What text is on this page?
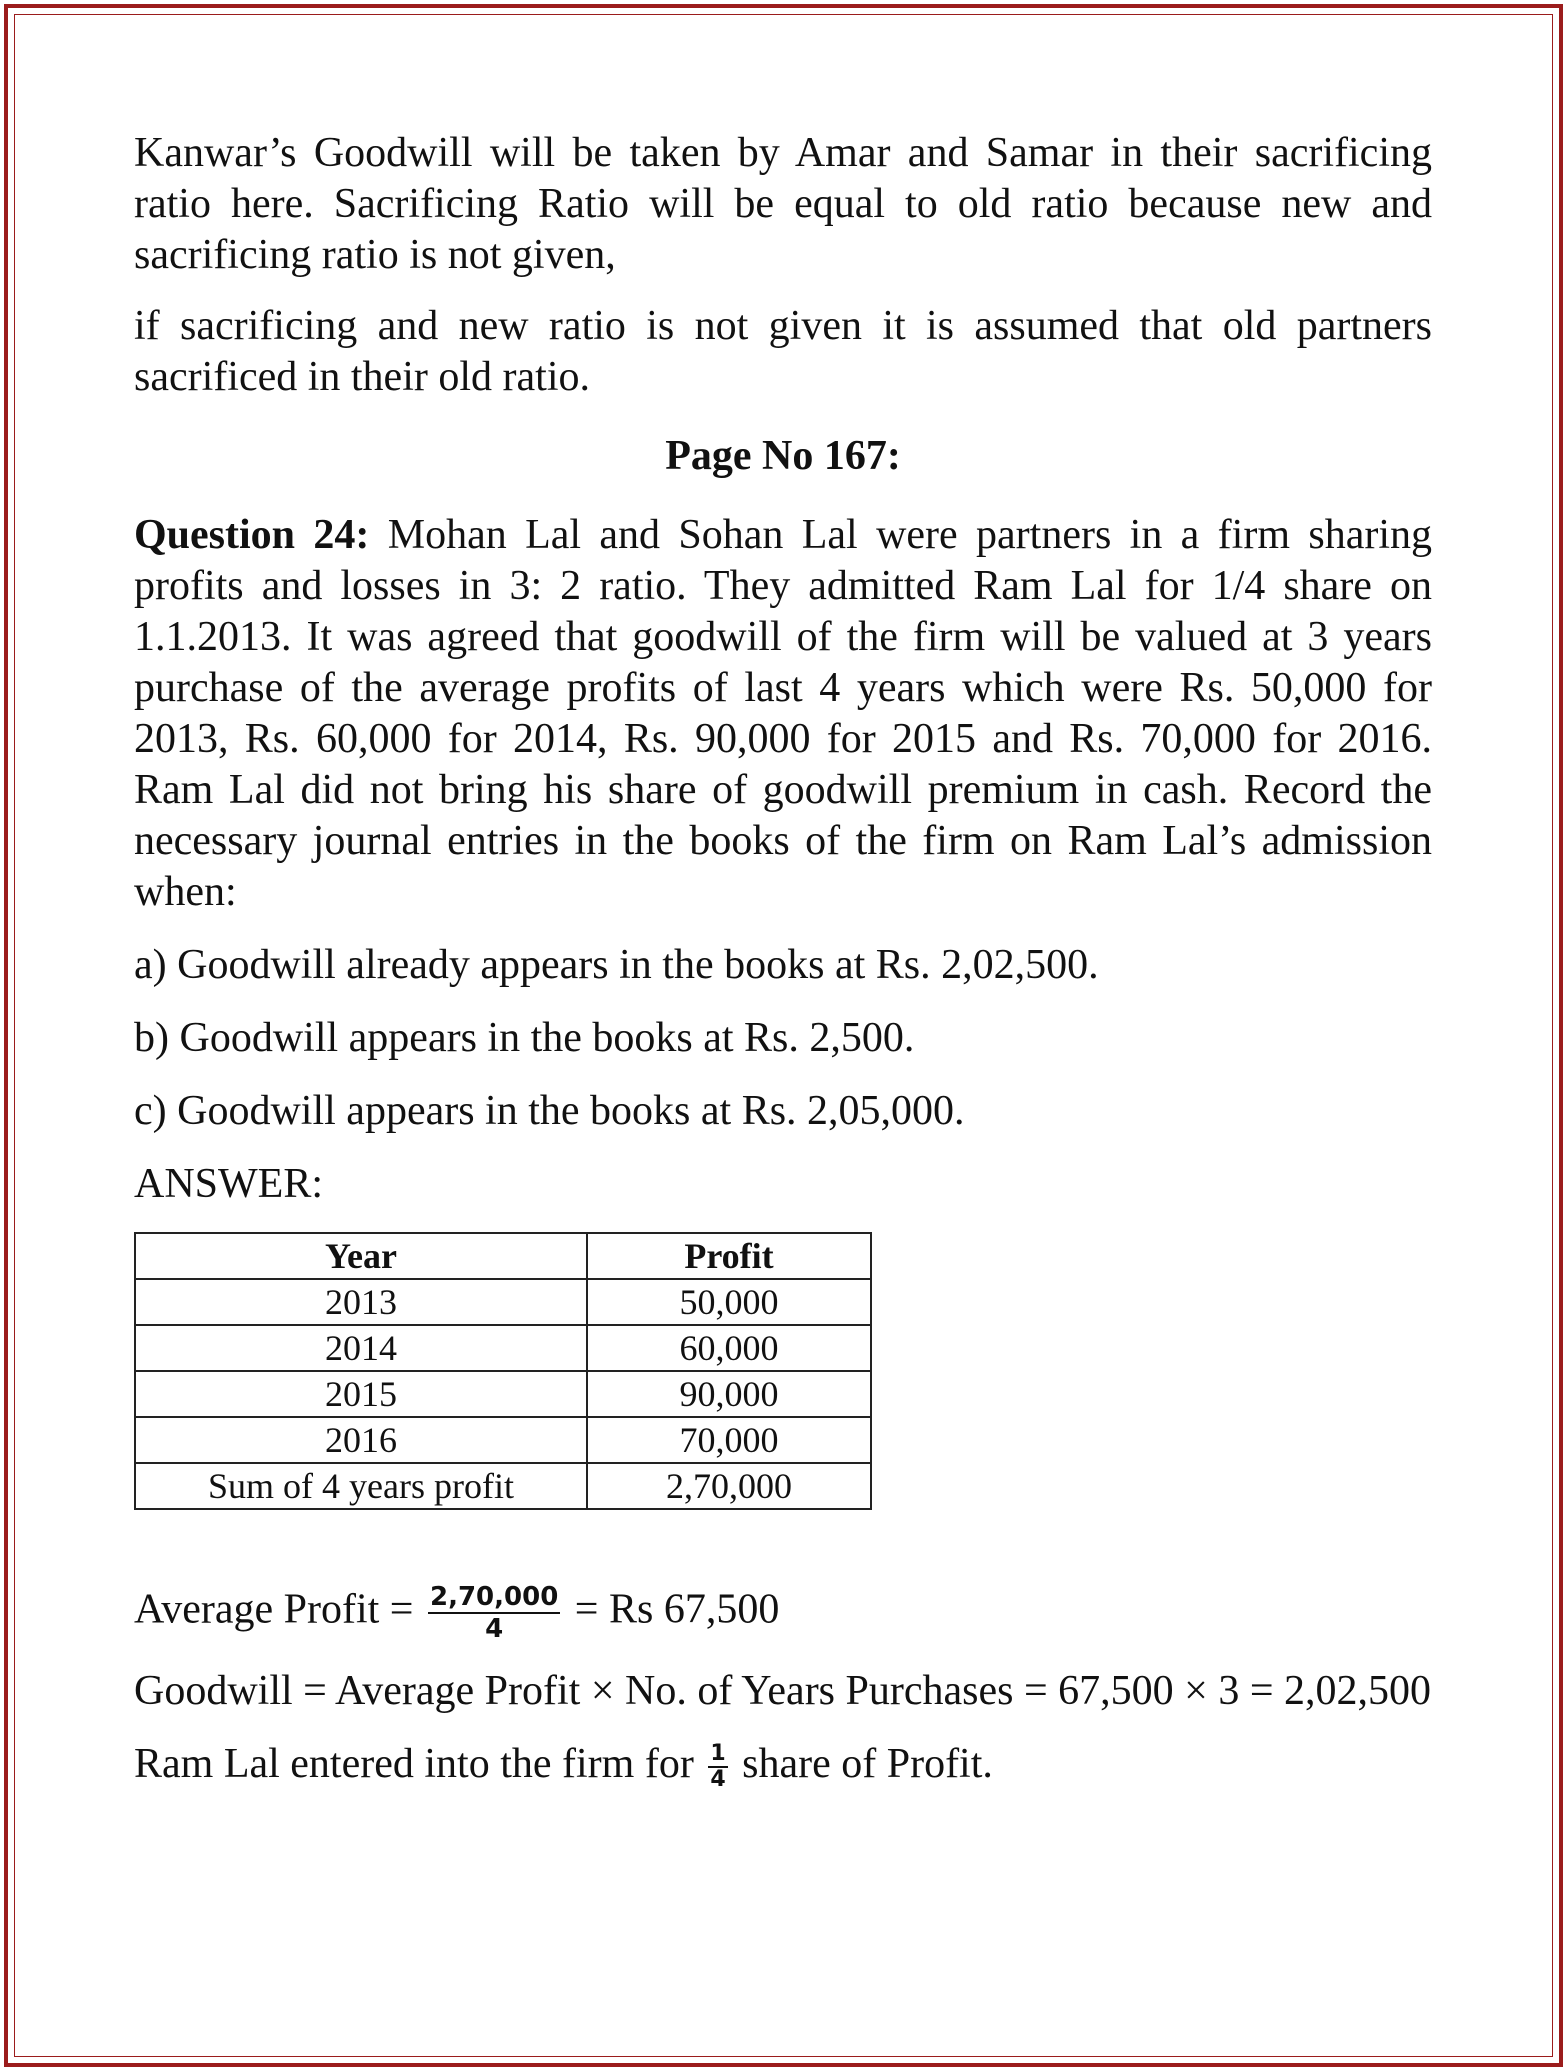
Kanwar’s Goodwill will be taken by Amar and Samar in their sacrificing ratio here. Sacrificing Ratio will be equal to old ratio because new and sacrificing ratio is not given,

if sacrificing and new ratio is not given it is assumed that old partners sacrificed in their old ratio.

Page No 167:

Question 24: Mohan Lal and Sohan Lal were partners in a firm sharing profits and losses in 3: 2 ratio. They admitted Ram Lal for 1/4 share on 1.1.2013. It was agreed that goodwill of the firm will be valued at 3 years purchase of the average profits of last 4 years which were Rs. 50,000 for 2013, Rs. 60,000 for 2014, Rs. 90,000 for 2015 and Rs. 70,000 for 2016. Ram Lal did not bring his share of goodwill premium in cash. Record the necessary journal entries in the books of the firm on Ram Lal’s admission when:

a) Goodwill already appears in the books at Rs. 2,02,500.
b) Goodwill appears in the books at Rs. 2,500.
c) Goodwill appears in the books at Rs. 2,05,000.
ANSWER:
Year	Profit
2013	50,000
2014	60,000
2015	90,000
2016	70,000
Sum of 4 years profit	2,70,000
Average Profit = $\frac{2,70,000}{4} = Rs$ 67,500
Goodwill = Average Profit × No. of Years Purchases = 67,500 × 3 = 2,02,500
Ram Lal entered into the firm for $\frac{1}{4}$ share of Profit.
